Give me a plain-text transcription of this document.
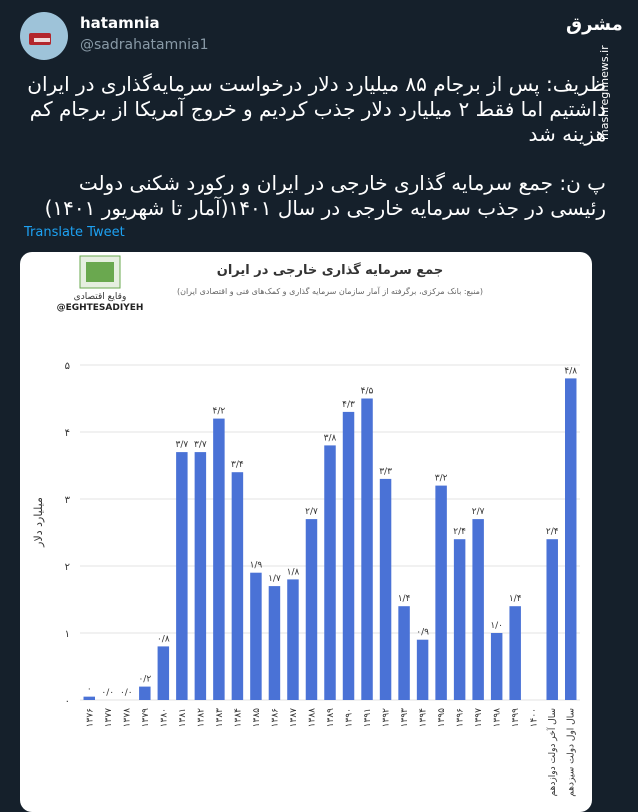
hatamnia
@sadrahatamnia1
مشرق
mashreghnews.ir

ظریف: پس از برجام ۸۵ میلیارد دلار درخواست سرمایه‌گذاری در ایران داشتیم اما فقط ۲ میلیارد دلار جذب کردیم و خروج آمریکا از برجام کم هزینه شد

پ ن: جمع سرمایه گذاری خارجی در ایران و رکورد شکنی دولت رئیسی در جذب سرمایه خارجی در سال ۱۴۰۱(آمار تا شهریور ۱۴۰۱)

Translate Tweet
وقایع اقتصادی
@EGHTESADIYEH
جمع سرمایه گذاری خارجی در ایران
(منبع: بانک مرکزی، برگرفته از آمار سازمان سرمایه گذاری و کمک‌های فنی و اقتصادی ایران)
میلیارد دلار
۵
۴
۳
۲
۱
۰
۰ ۰/۰ ۰/۰
۰/۲
۰/۸
۳/۷ ۳/۷
۴/۲
۳/۴
۱/۹
۱/۷
۱/۸
۲/۷
۳/۸
۴/۳
۴/۵
۳/۳
۱/۴
۰/۹
۳/۲
۲/۴
۲/۷
۱/۰
۱/۴
۲/۴
۴/۸
۱۳۷۶ ۱۳۷۷ ۱۳۷۸ ۱۳۷۹ ۱۳۸۰ ۱۳۸۱ ۱۳۸۲ ۱۳۸۳ ۱۳۸۴ ۱۳۸۵ ۱۳۸۶ ۱۳۸۷ ۱۳۸۸ ۱۳۸۹ ۱۳۹۰ ۱۳۹۱ ۱۳۹۲ ۱۳۹۳ ۱۳۹۴ ۱۳۹۵ ۱۳۹۶ ۱۳۹۷ ۱۳۹۸ ۱۳۹۹ ۱۴۰۰ سال آخر دولت دوازدهم سال اول دولت سیزدهم
